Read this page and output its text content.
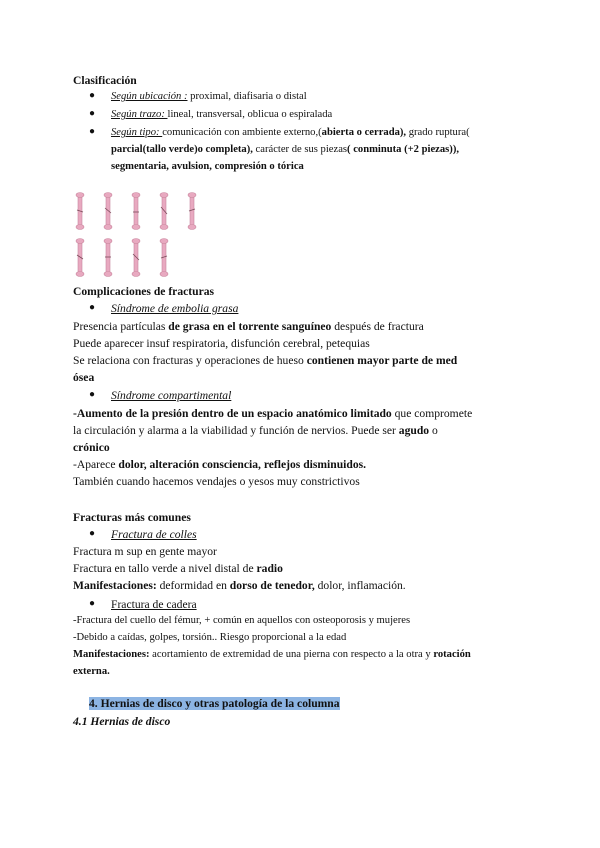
Clasificación
● Según ubicación : proximal, diafisaria o distal
● Según trazo: lineal, transversal, oblicua o espiralada
● Según tipo: comunicación con ambiente externo,(abierta o cerrada), grado ruptura(
parcial(tallo verde)o completa), carácter de sus piezas( conminuta (+2 piezas)),
segmentaria, avulsion, compresión o tórica
Complicaciones de fracturas
● Síndrome de embolia grasa
Presencia partículas de grasa en el torrente sanguíneo después de fractura
Puede aparecer insuf respiratoria, disfunción cerebral, petequias
Se relaciona con fracturas y operaciones de hueso contienen mayor parte de med
ósea
● Síndrome compartimental
-Aumento de la presión dentro de un espacio anatómico limitado que compromete
la circulación y alarma a la viabilidad y función de nervios. Puede ser agudo o
crónico
-Aparece dolor, alteración consciencia, reflejos disminuidos.
También cuando hacemos vendajes o yesos muy constrictivos
Fracturas más comunes
● Fractura de colles
Fractura m sup en gente mayor
Fractura en tallo verde a nivel distal de radio
Manifestaciones: deformidad en dorso de tenedor, dolor, inflamación.
● Fractura de cadera
-Fractura del cuello del fémur, + común en aquellos con osteoporosis y mujeres
-Debido a caídas, golpes, torsión.. Riesgo proporcional a la edad
Manifestaciones: acortamiento de extremidad de una pierna con respecto a la otra y rotación
externa.
4. Hernias de disco y otras patología de la columna
4.1 Hernias de disco
